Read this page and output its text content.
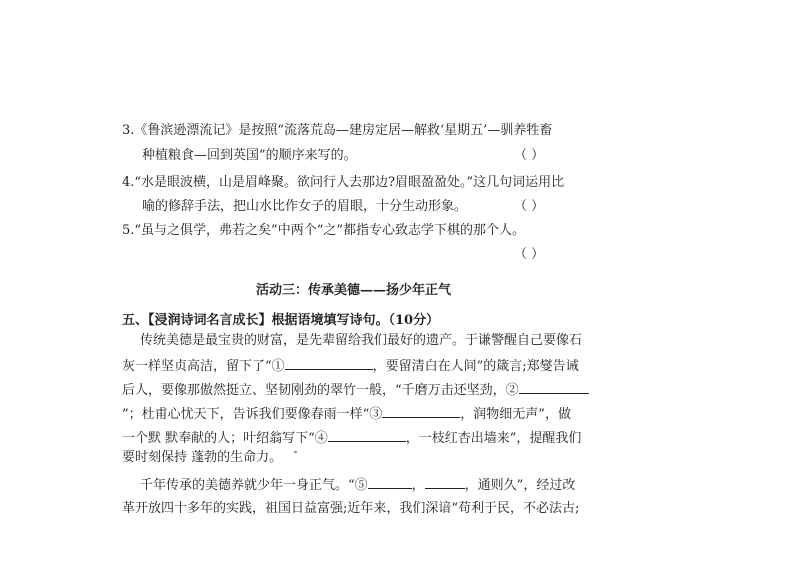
3.《鲁滨逊漂流记》是按照“流落荒岛—建房定居—解救‘星期五’—驯养牲畜
种植粮食—回到英国”的顺序来写的。	（ ）
4.“水是眼波横，山是眉峰聚。欲问行人去那边?眉眼盈盈处。”这几句词运用比
喻的修辞手法，把山水比作女子的眉眼，十分生动形象。	（ ）
5.“虽与之俱学，弗若之矣”中两个“之”都指专心致志学下棋的那个人。
（ ）
活动三：传承美德——扬少年正气
五、【浸润诗词名言成长】根据语境填写诗句。（10分）
传统美德是最宝贵的财富，是先辈留给我们最好的遗产。于谦警醒自己要像石
灰一样坚贞高洁，留下了“①	，要留清白在人间”的箴言;郑燮告诫
后人，要像那傲然挺立、坚韧刚劲的翠竹一般，“千磨万击还坚劲，②
”；杜甫心忧天下，告诉我们要像春雨一样“③	，润物细无声”，做
一个默 默奉献的人；叶绍翁写下“④	，一枝红杏出墙来”，提醒我们
要时刻保持 蓬勃的生命力。
千年传承的美德养就少年一身正气。“⑤	，	，通则久”，经过改
革开放四十多年的实践，祖国日益富强;近年来，我们深谙“苟利于民，不必法古;
